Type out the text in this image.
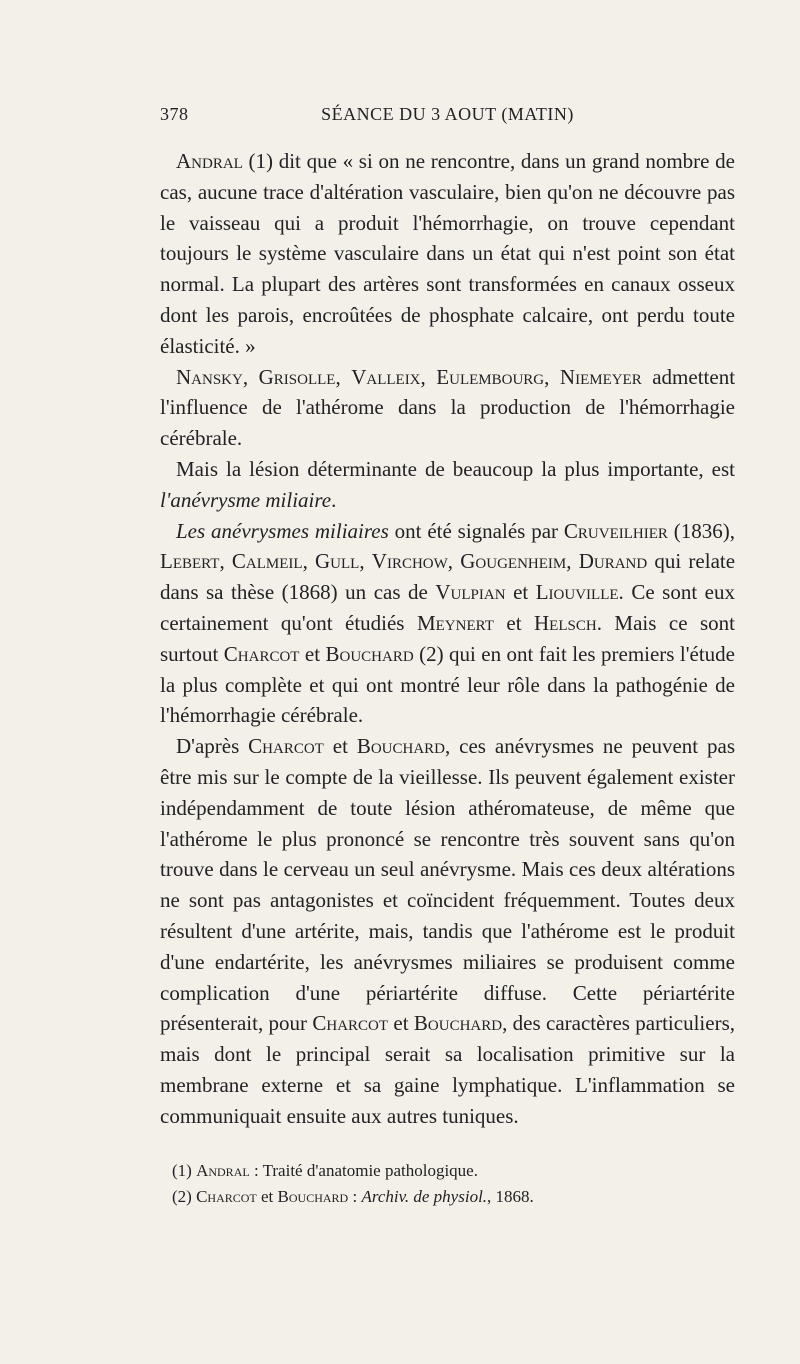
378	SÉANCE DU 3 AOUT (MATIN)

Andral (1) dit que « si on ne rencontre, dans un grand nombre de cas, aucune trace d'altération vasculaire, bien qu'on ne découvre pas le vaisseau qui a produit l'hémorrhagie, on trouve cependant toujours le système vasculaire dans un état qui n'est point son état normal. La plupart des artères sont transformées en canaux osseux dont les parois, encroûtées de phosphate calcaire, ont perdu toute élasticité. »

Nansky, Grisolle, Vallеix, Eulembourg, Niemeyer admettent l'influence de l'athérome dans la production de l'hémorrhagie cérébrale.

Mais la lésion déterminante de beaucoup la plus importante, est l'anévrysme miliaire.

Les anévrysmes miliaires ont été signalés par Cruveilhier (1836), Lebert, Calmeil, Gull, Virchow, Gougenheim, Durand qui relate dans sa thèse (1868) un cas de Vulpian et Liouville. Ce sont eux certainement qu'ont étudiés Meynert et Helsch. Mais ce sont surtout Charcot et Bouchard (2) qui en ont fait les premiers l'étude la plus complète et qui ont montré leur rôle dans la pathogénie de l'hémorrhagie cérébrale.

D'après Charcot et Bouchard, ces anévrysmes ne peuvent pas être mis sur le compte de la vieillesse. Ils peuvent également exister indépendamment de toute lésion athéromateuse, de même que l'athérome le plus prononcé se rencontre très souvent sans qu'on trouve dans le cerveau un seul anévrysme. Mais ces deux altérations ne sont pas antagonistes et coïncident fréquemment. Toutes deux résultent d'une artérite, mais, tandis que l'athérome est le produit d'une endartérite, les anévrysmes miliaires se produisent comme complication d'une périartérite diffuse. Cette périartérite présenterait, pour Charcot et Bouchard, des caractères particuliers, mais dont le principal serait sa localisation primitive sur la membrane externe et sa gaine lymphatique. L'inflammation se communiquait ensuite aux autres tuniques.

(1) Andral : Traité d'anatomie pathologique.
(2) Charcot et Bouchard : Archiv. de physiol., 1868.
